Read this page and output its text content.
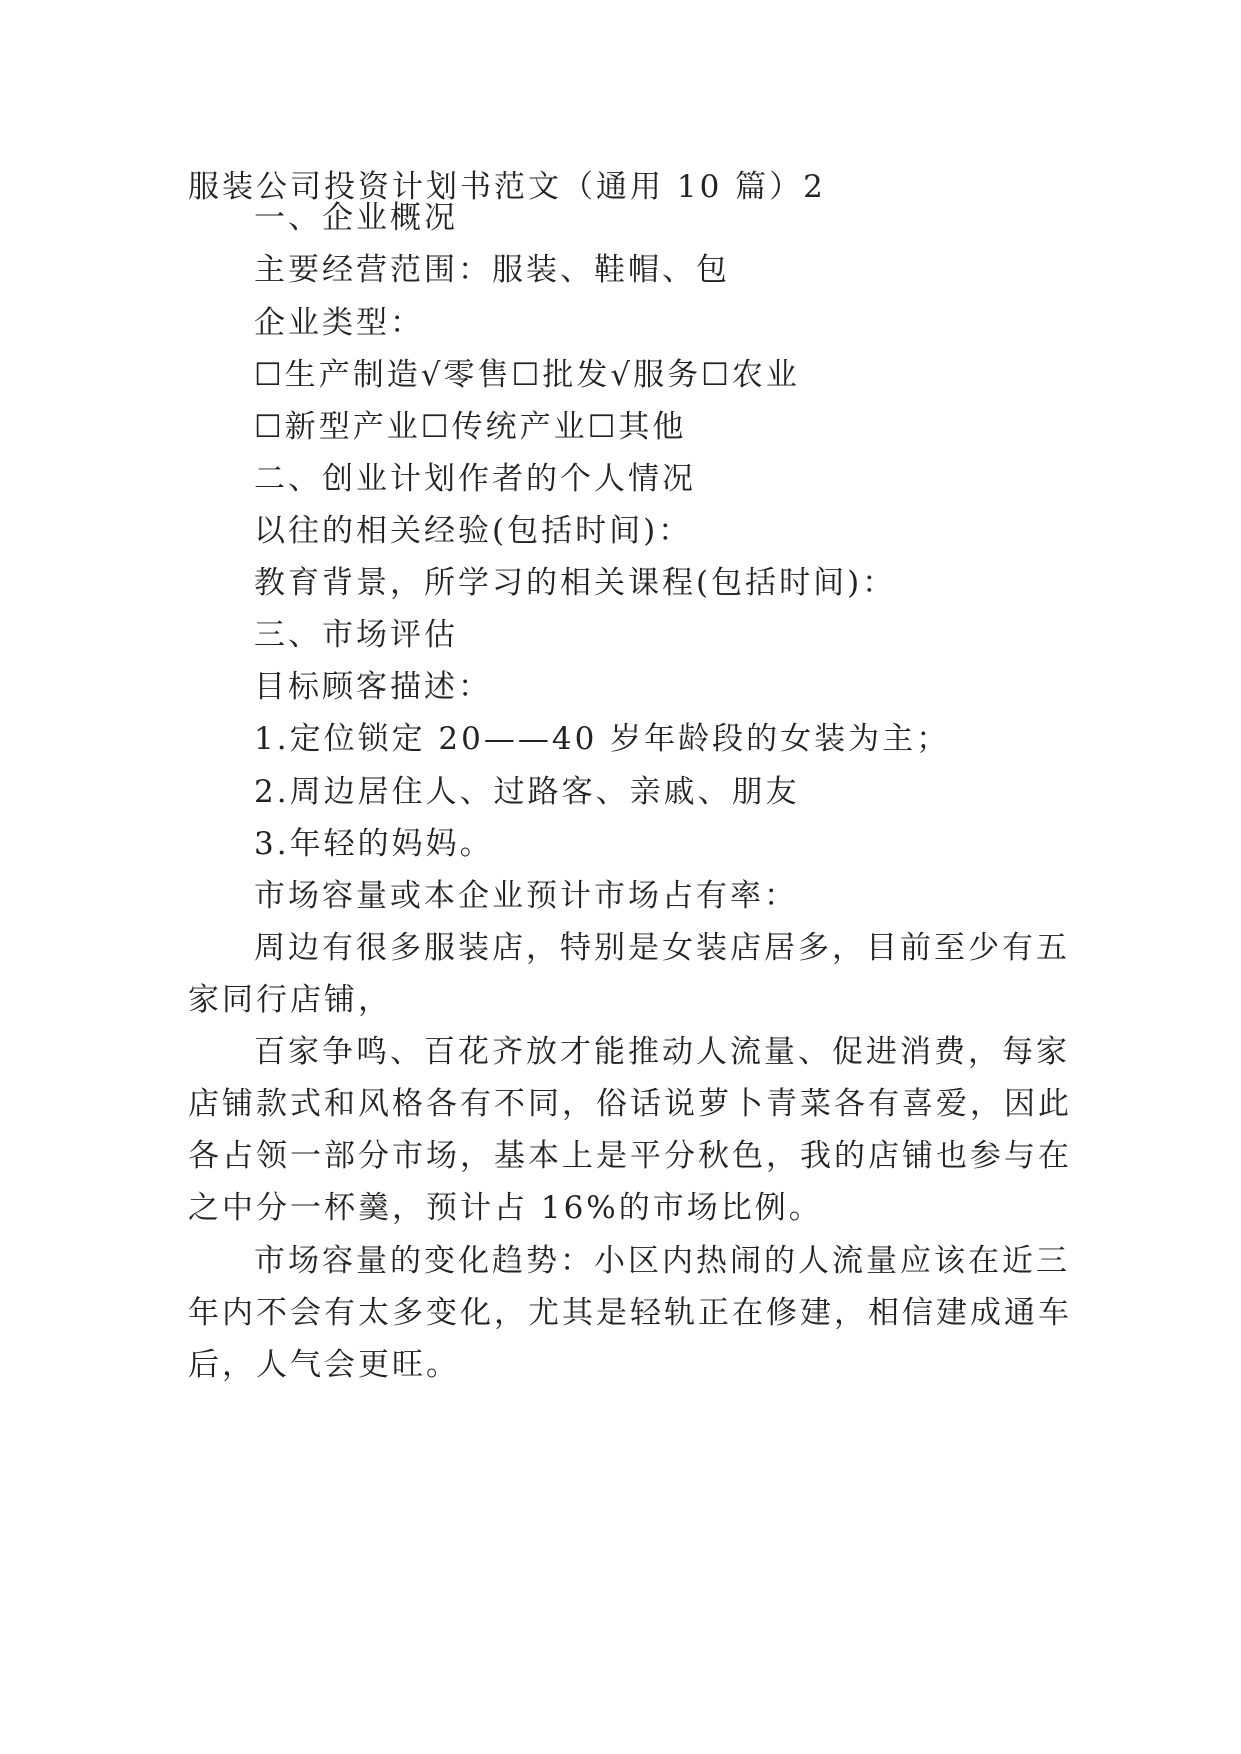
服装公司投资计划书范文（通用 10 篇）2

一、企业概况

主要经营范围：服装、鞋帽、包

企业类型：

☐生产制造√零售☐批发√服务☐农业

☐新型产业☐传统产业☐其他

二、创业计划作者的个人情况

以往的相关经验(包括时间)：

教育背景，所学习的相关课程(包括时间)：

三、市场评估

目标顾客描述：

1.定位锁定 20——40 岁年龄段的女装为主；

2.周边居住人、过路客、亲戚、朋友

3.年轻的妈妈。

市场容量或本企业预计市场占有率：

周边有很多服装店，特别是女装店居多，目前至少有五

家同行店铺，

百家争鸣、百花齐放才能推动人流量、促进消费，每家

店铺款式和风格各有不同，俗话说萝卜青菜各有喜爱，因此

各占领一部分市场，基本上是平分秋色，我的店铺也参与在

之中分一杯羹，预计占 16%的市场比例。

市场容量的变化趋势：小区内热闹的人流量应该在近三

年内不会有太多变化，尤其是轻轨正在修建，相信建成通车

后，人气会更旺。
